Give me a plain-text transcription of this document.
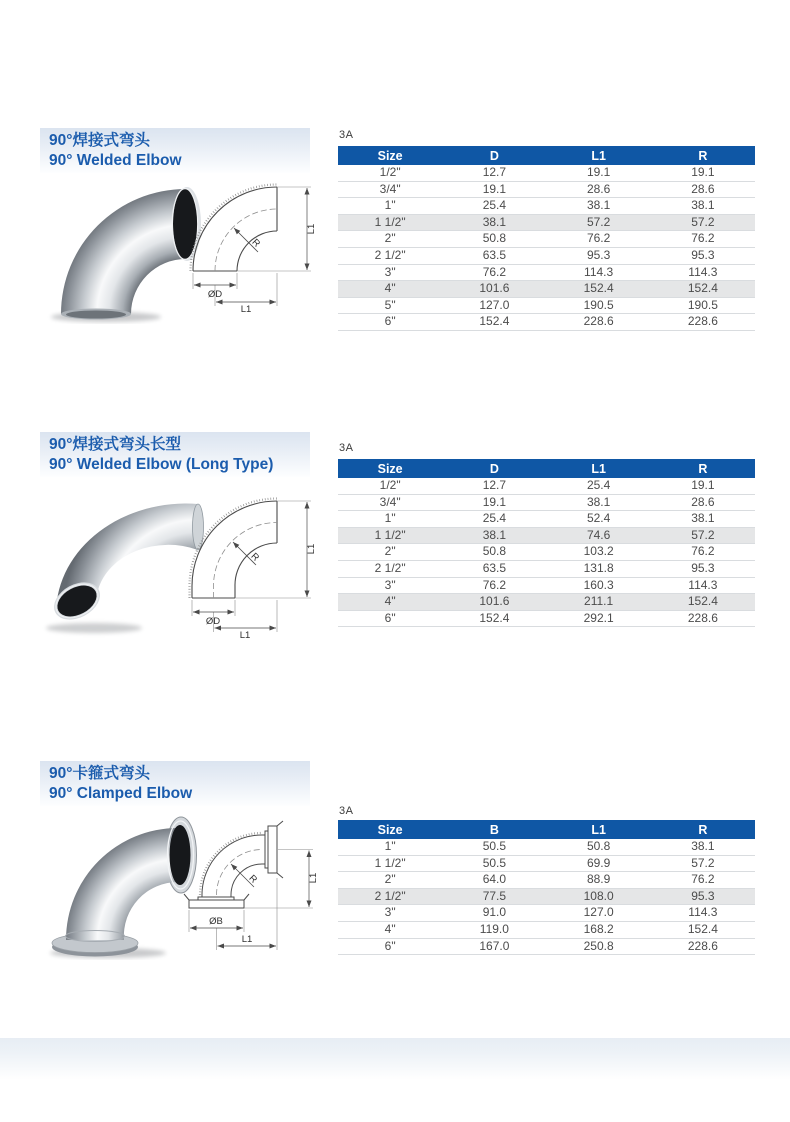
90°焊接式弯头
90° Welded Elbow
3A
R
L1
ØD
L1
Size	D	L1	R
1/2"	12.7	19.1	19.1
3/4"	19.1	28.6	28.6
1"	25.4	38.1	38.1
1 1/2"	38.1	57.2	57.2
2"	50.8	76.2	76.2
2 1/2"	63.5	95.3	95.3
3"	76.2	114.3	114.3
4"	101.6	152.4	152.4
5"	127.0	190.5	190.5
6"	152.4	228.6	228.6
90°焊接式弯头长型
90° Welded Elbow (Long Type)
3A
R
L1
ØD
L1
Size	D	L1	R
1/2"	12.7	25.4	19.1
3/4"	19.1	38.1	28.6
1"	25.4	52.4	38.1
1 1/2"	38.1	74.6	57.2
2"	50.8	103.2	76.2
2 1/2"	63.5	131.8	95.3
3"	76.2	160.3	114.3
4"	101.6	211.1	152.4
6"	152.4	292.1	228.6
90°卡箍式弯头
90° Clamped Elbow
3A
R
ØB
L1
L1
Size	B	L1	R
1"	50.5	50.8	38.1
1 1/2"	50.5	69.9	57.2
2"	64.0	88.9	76.2
2 1/2"	77.5	108.0	95.3
3"	91.0	127.0	114.3
4"	119.0	168.2	152.4
6"	167.0	250.8	228.6
